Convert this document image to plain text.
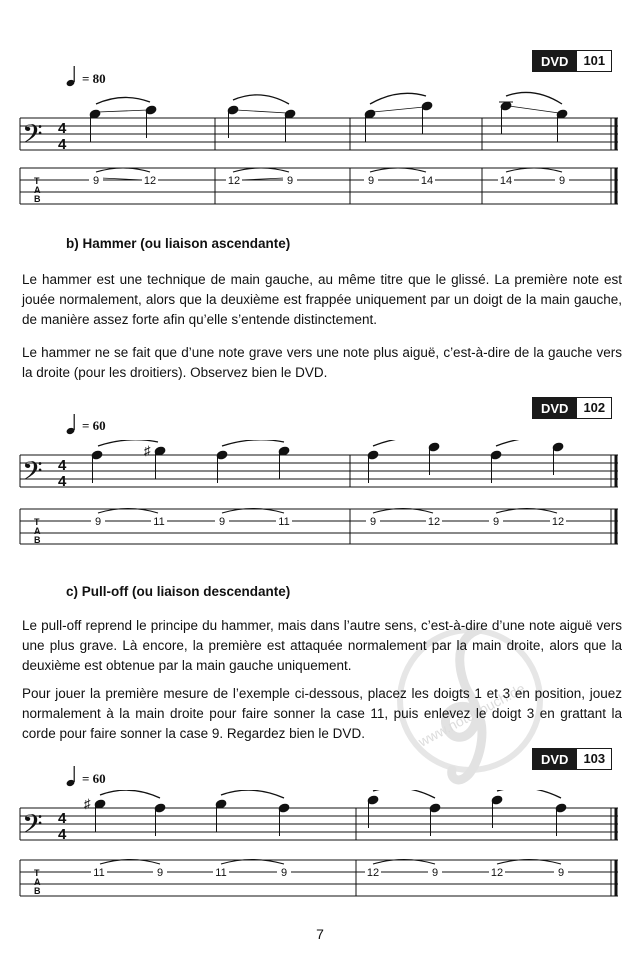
www.notenbuch.de
DVD	101
= 80
𝄢 4
4
T
A
B
9	12	12	9	9	14	14	9
b) Hammer (ou liaison ascendante)
Le hammer est une technique de main gauche, au même titre que le glissé. La première note est jouée normalement, alors que la deuxième est frappée uniquement par un doigt de la main gauche, de manière assez forte afin qu’elle s’entende distinctement.
Le hammer ne se fait que d’une note grave vers une note plus aiguë, c’est-à-dire de la gauche vers la droite (pour les droitiers). Observez bien le DVD.
DVD	102
= 60
𝄢 4
4
♯
T
A
B
9	11	9	11	9	12	9	12
c) Pull-off (ou liaison descendante)
Le pull-off reprend le principe du hammer, mais dans l’autre sens, c’est-à-dire d’une note aiguë vers une plus grave. Là encore, la première est attaquée normalement par la main droite, alors que la deuxième est obtenue par la main gauche uniquement.
Pour jouer la première mesure de l’exemple ci-dessous, placez les doigts 1 et 3 en position, jouez normalement à la main droite pour faire sonner la case 11, puis enlevez le doigt 3 en grattant la corde pour faire sonner la case 9. Regardez bien le DVD.
DVD	103
= 60
𝄢 4
4
♯
T
A
B
11	9	11	9	12	9	12	9
7
